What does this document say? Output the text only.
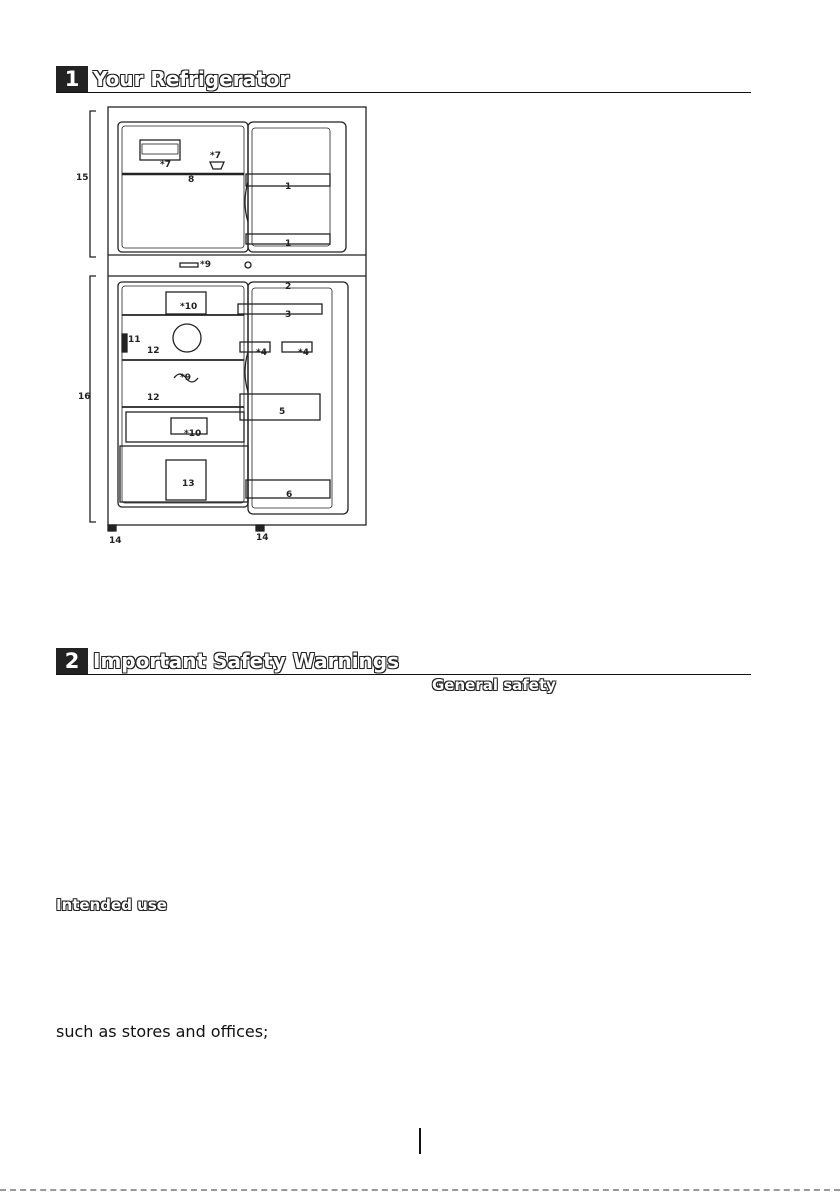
1 Your Refrigerator
1
1
2
3
*4	*4
5
6
*7
*7
8
*9
*9
*10
*10
11
12
12
13
14	14
15
16
2 Important Safety Warnings
General safety
Intended use
such as stores and offices;
